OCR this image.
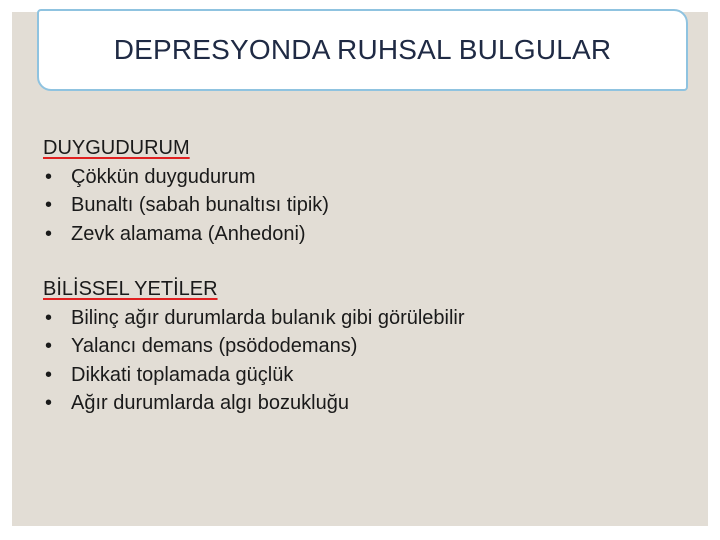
DEPRESYONDA RUHSAL BULGULAR
DUYGUDURUM
• Çökkün duygudurum
• Bunaltı (sabah bunaltısı tipik)
• Zevk alamama (Anhedoni)
BİLİSSEL YETİLER
• Bilinç ağır durumlarda bulanık gibi görülebilir
• Yalancı demans (psödodemans)
• Dikkati toplamada güçlük
• Ağır durumlarda algı bozukluğu
